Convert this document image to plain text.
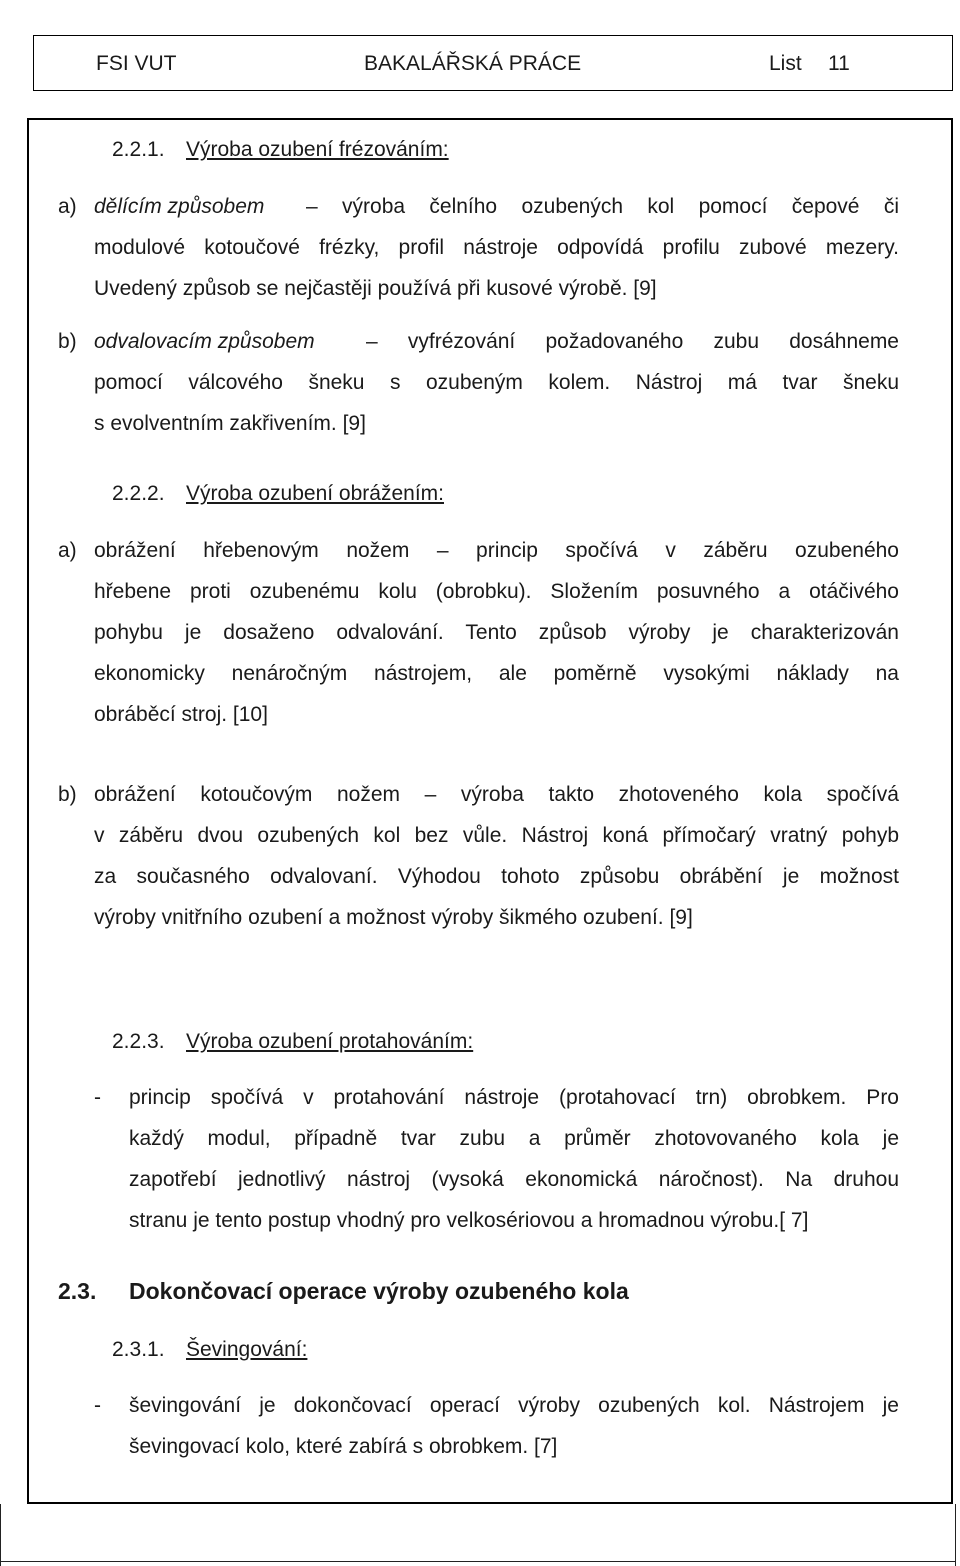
FSI VUT	BAKALÁŘSKÁ PRÁCE	List 11
2.2.1. Výroba ozubení frézováním:
a) dělícím způsobem – výroba čelního ozubených kol pomocí čepové či
modulové kotoučové frézky, profil nástroje odpovídá profilu zubové mezery.
Uvedený způsob se nejčastěji používá při kusové výrobě. [9]
b) odvalovacím způsobem – vyfrézování požadovaného zubu dosáhneme
pomocí válcového šneku s ozubeným kolem. Nástroj má tvar šneku
s evolventním zakřivením. [9]
2.2.2. Výroba ozubení obrážením:
a) obrážení hřebenovým nožem – princip spočívá v záběru ozubeného
hřebene proti ozubenému kolu (obrobku). Složením posuvného a otáčivého
pohybu je dosaženo odvalování. Tento způsob výroby je charakterizován
ekonomicky nenáročným nástrojem, ale poměrně vysokými náklady na
obráběcí stroj. [10]
b) obrážení kotoučovým nožem – výroba takto zhotoveného kola spočívá
v záběru dvou ozubených kol bez vůle. Nástroj koná přímočarý vratný pohyb
za současného odvalovaní. Výhodou tohoto způsobu obrábění je možnost
výroby vnitřního ozubení a možnost výroby šikmého ozubení. [9]
2.2.3. Výroba ozubení protahováním:
- princip spočívá v protahování nástroje (protahovací trn) obrobkem. Pro
každý modul, případně tvar zubu a průměr zhotovovaného kola je
zapotřebí jednotlivý nástroj (vysoká ekonomická náročnost). Na druhou
stranu je tento postup vhodný pro velkosériovou a hromadnou výrobu.[ 7]
2.3. Dokončovací operace výroby ozubeného kola
2.3.1. Ševingování:
- ševingování je dokončovací operací výroby ozubených kol. Nástrojem je
ševingovací kolo, které zabírá s obrobkem. [7]
